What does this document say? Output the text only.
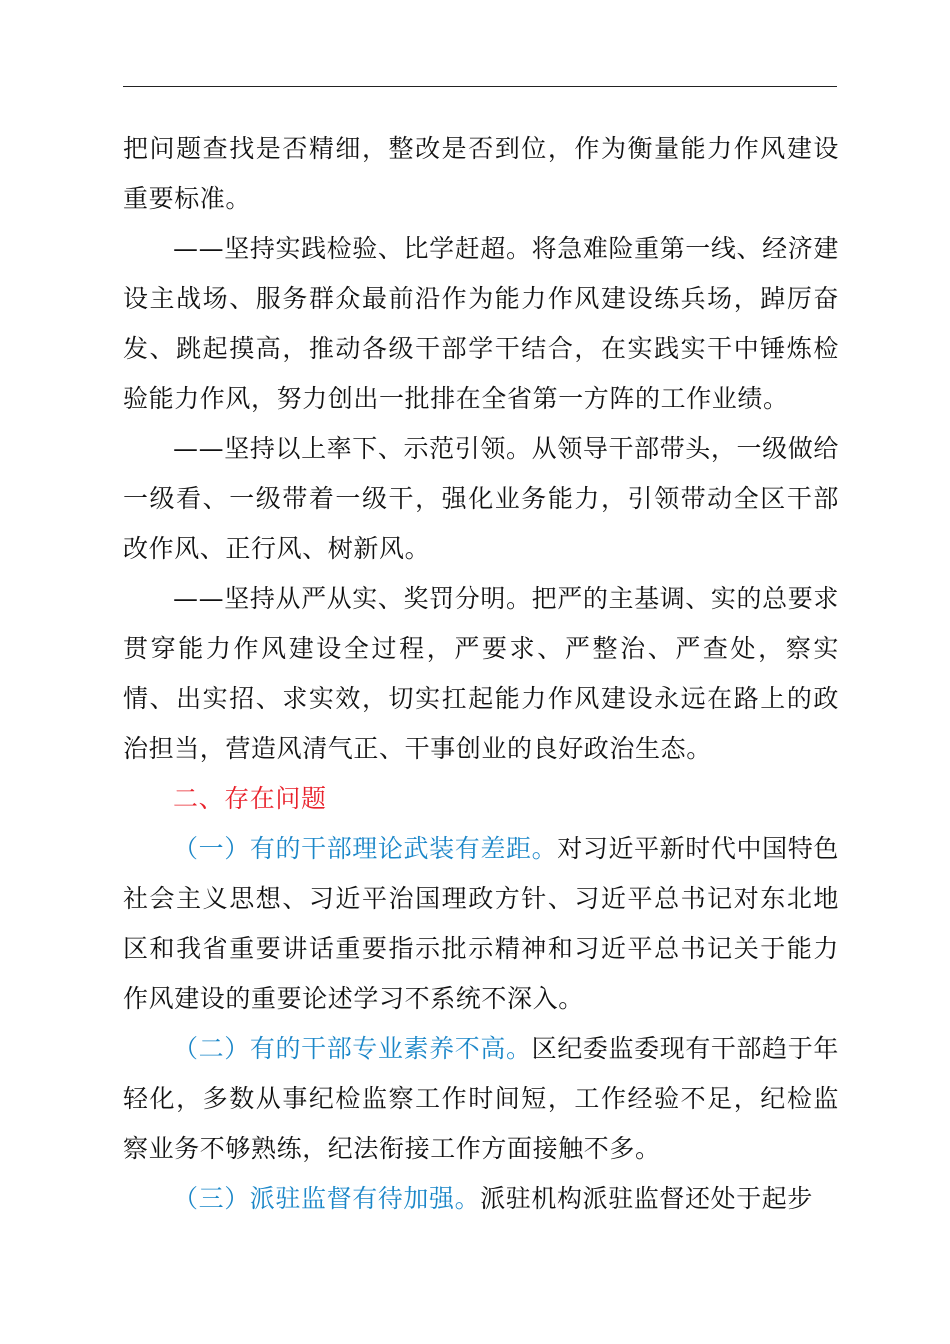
把问题查找是否精细，整改是否到位，作为衡量能力作风建设重要标准。

——坚持实践检验、比学赶超。将急难险重第一线、经济建设主战场、服务群众最前沿作为能力作风建设练兵场，踔厉奋发、跳起摸高，推动各级干部学干结合，在实践实干中锤炼检验能力作风，努力创出一批排在全省第一方阵的工作业绩。

——坚持以上率下、示范引领。从领导干部带头，一级做给一级看、一级带着一级干，强化业务能力，引领带动全区干部改作风、正行风、树新风。

——坚持从严从实、奖罚分明。把严的主基调、实的总要求贯穿能力作风建设全过程，严要求、严整治、严查处，察实情、出实招、求实效，切实扛起能力作风建设永远在路上的政治担当，营造风清气正、干事创业的良好政治生态。

二、存在问题

（一）有的干部理论武装有差距。对习近平新时代中国特色社会主义思想、习近平治国理政方针、习近平总书记对东北地区和我省重要讲话重要指示批示精神和习近平总书记关于能力作风建设的重要论述学习不系统不深入。

（二）有的干部专业素养不高。区纪委监委现有干部趋于年轻化，多数从事纪检监察工作时间短，工作经验不足，纪检监察业务不够熟练，纪法衔接工作方面接触不多。

（三）派驻监督有待加强。派驻机构派驻监督还处于起步
